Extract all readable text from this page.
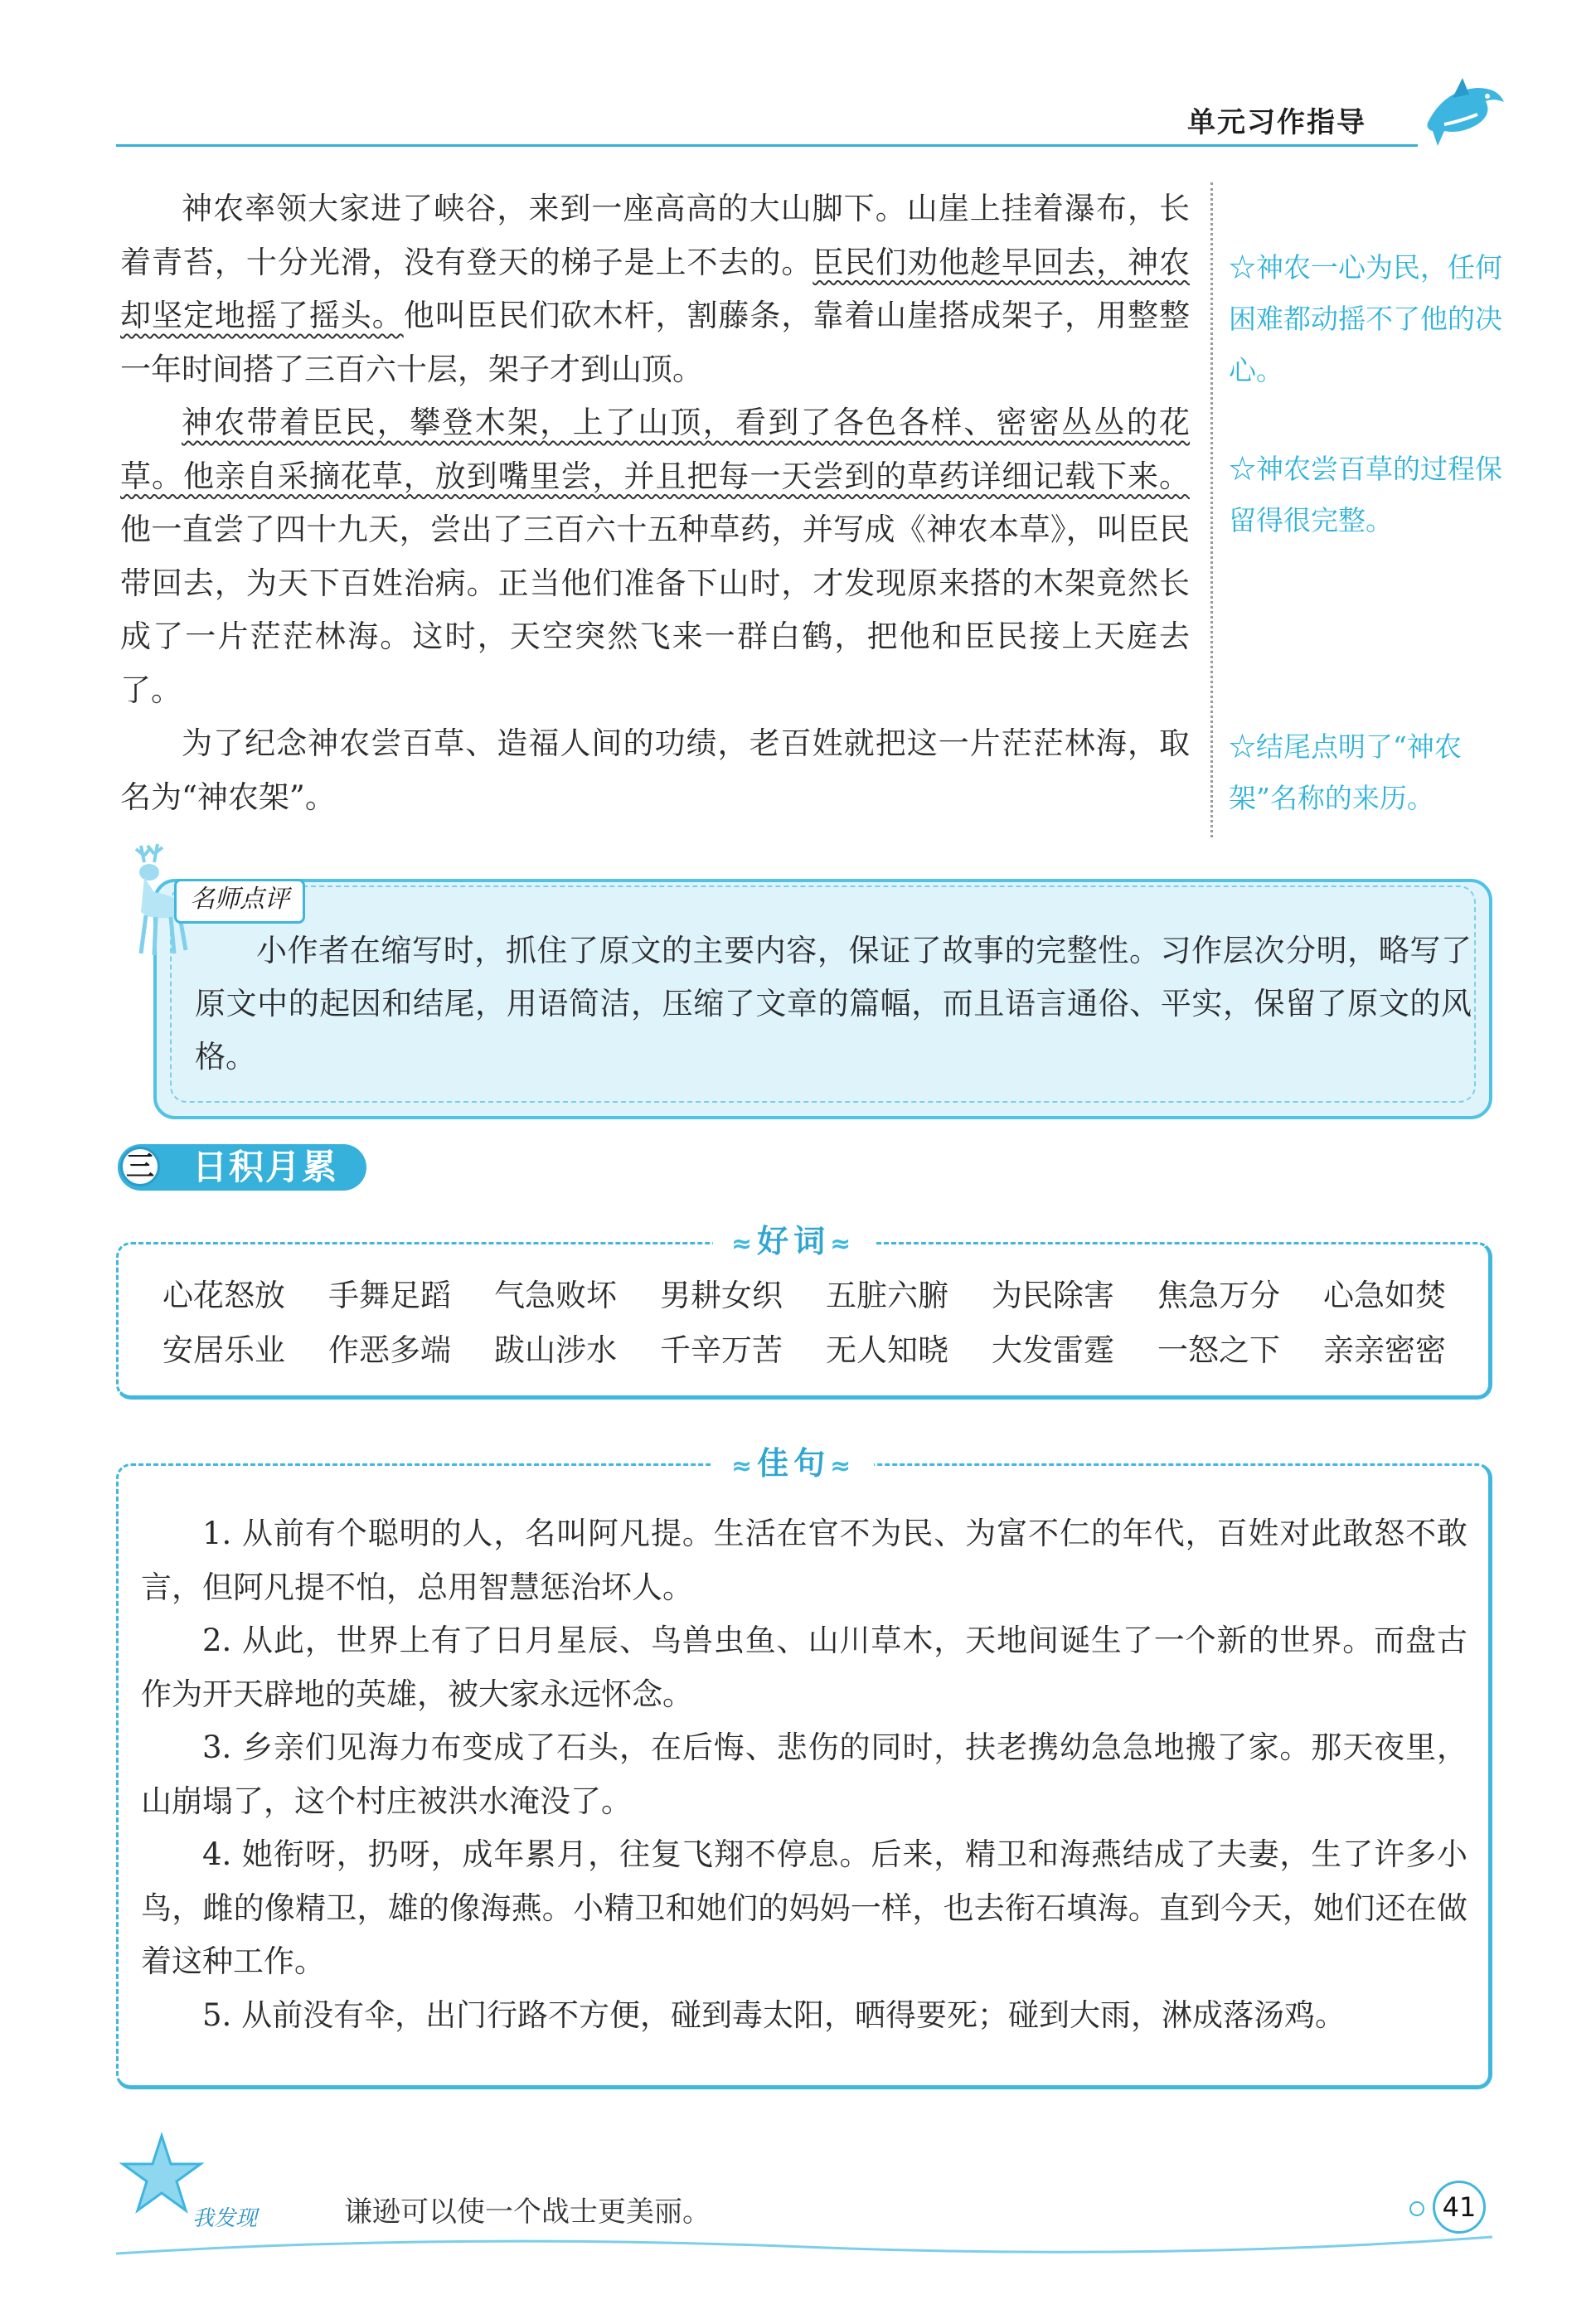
单元习作指导

神农率领大家进了峡谷，来到一座高高的大山脚下。山崖上挂着瀑布，长着青苔，十分光滑，没有登天的梯子是上不去的。臣民们劝他趁早回去，神农却坚定地摇了摇头。他叫臣民们砍木杆，割藤条，靠着山崖搭成架子，用整整一年时间搭了三百六十层，架子才到山顶。

神农带着臣民，攀登木架，上了山顶，看到了各色各样、密密丛丛的花草。他亲自采摘花草，放到嘴里尝，并且把每一天尝到的草药详细记载下来。他一直尝了四十九天，尝出了三百六十五种草药，并写成《神农本草》，叫臣民带回去，为天下百姓治病。正当他们准备下山时，才发现原来搭的木架竟然长成了一片茫茫林海。这时，天空突然飞来一群白鹤，把他和臣民接上天庭去了。

为了纪念神农尝百草、造福人间的功绩，老百姓就把这一片茫茫林海，取名为“神农架”。

☆神农一心为民，任何困难都动摇不了他的决心。
☆神农尝百草的过程保留得很完整。
☆结尾点明了“神农架”名称的来历。
名师点评

小作者在缩写时，抓住了原文的主要内容，保证了故事的完整性。习作层次分明，略写了原文中的起因和结尾，用语简洁，压缩了文章的篇幅，而且语言通俗、平实，保留了原文的风格。

三 日积月累
≈好词≈
心花怒放	手舞足蹈	气急败坏	男耕女织	五脏六腑	为民除害	焦急万分	心急如焚
安居乐业	作恶多端	跋山涉水	千辛万苦	无人知晓	大发雷霆	一怒之下	亲亲密密
≈佳句≈

1. 从前有个聪明的人，名叫阿凡提。生活在官不为民、为富不仁的年代，百姓对此敢怒不敢言，但阿凡提不怕，总用智慧惩治坏人。

2. 从此，世界上有了日月星辰、鸟兽虫鱼、山川草木，天地间诞生了一个新的世界。而盘古作为开天辟地的英雄，被大家永远怀念。

3. 乡亲们见海力布变成了石头，在后悔、悲伤的同时，扶老携幼急急地搬了家。那天夜里，山崩塌了，这个村庄被洪水淹没了。

4. 她衔呀，扔呀，成年累月，往复飞翔不停息。后来，精卫和海燕结成了夫妻，生了许多小鸟，雌的像精卫，雄的像海燕。小精卫和她们的妈妈一样，也去衔石填海。直到今天，她们还在做着这种工作。

5. 从前没有伞，出门行路不方便，碰到毒太阳，晒得要死；碰到大雨，淋成落汤鸡。

我发现	谦逊可以使一个战士更美丽。	41
